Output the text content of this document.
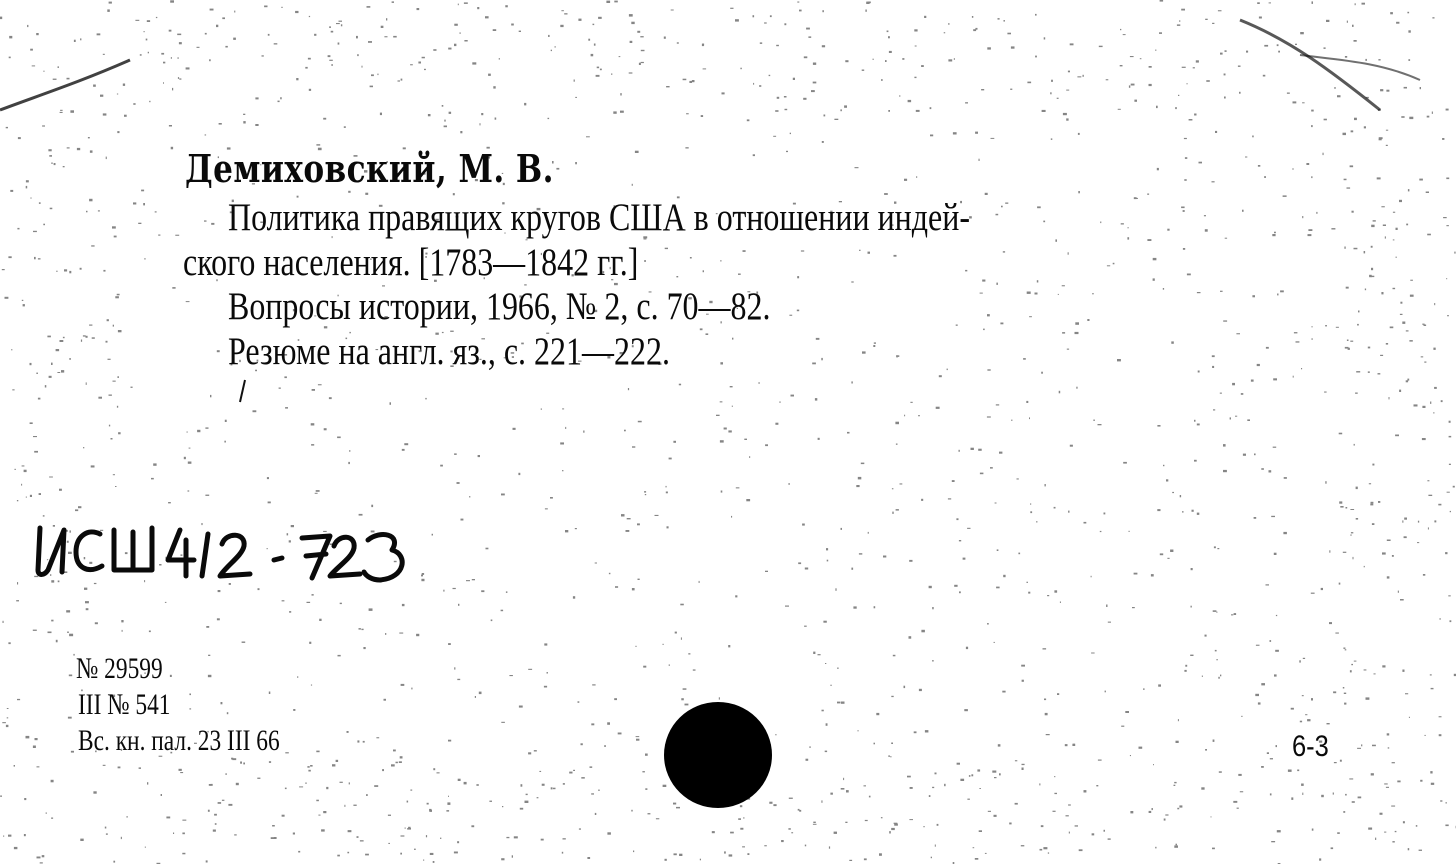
Демиховский, М. В.
Политика правящих кругов США в отношении индей-
ского населения. [1783—1842 гг.]
Вопросы истории, 1966, № 2, с. 70—82.
Резюме на англ. яз., с. 221—222.
№ 29599
III № 541
Вс. кн. пал. 23 III 66	6-3
